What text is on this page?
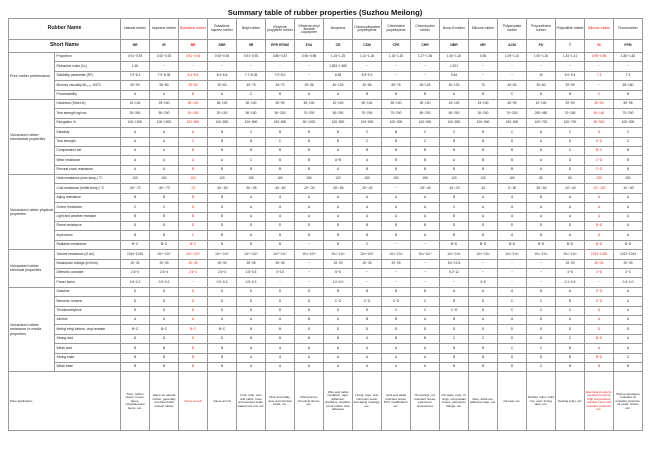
Summary table of rubber properties (Suzhou Meilong)
Rubber Name		Natural rubber	Isoprene rubber	Butadiene rubber	Butadiene styrene rubber	Butyl rubber	Ethylene propylene rubber	Ethylene-vinyl acetate copolymer	Neoprene	Chlorosulfonated polyethylene	Chlorinated polyethylene	Chlorohydrin rubber	Buna-N rubber	Silicone rubber	Polyacrylate rubber	Polyurethane rubber	Polysulfide rubber	Silicone rubber	Fluororubber
Short Name		NR	IR	BR	SBR	IIR	EPR EPDM	EVA	CR	CSM	CPE	CHR	NBR	MR	ACM	PU	T	SI	FPM
Pure rubber performance	Proportion	0.91~0.93	0.92~0.93	0.91~0.94	0.93~0.94	0.91~0.93	0.86~0.87	0.96~0.98	1.15~1.25	1.11~1.18	1.15~1.20	1.27~1.36	1.00~1.20	0.96	1.09~1.10	1.00~1.30	1.34~1.41	0.95~0.98	1.80~1.82
	Refractive index (N₂)	1.50	~	~	~	~	~	~	1.553~1.560	~	~	~	1.521	~	~	~	~	~	~
	Solubility parameter (δP)	7.9~8.1	7.9~8.35	8.4~8.6	8.4~8.6	7.7~8.35	7.9~8.0	~	8.55	8.9~9.3	~	~	9.64	~	~	10	9.0~9.4	7.3	7.3
	Mooney viscosity ML₁₊₄ 100°C	60~90	55~80	30~50	30~60	40~75	45~70	29~36	40~125	30~85	69~76	35~125	30~130	70	40~60	25~60	29~99	~	65~180
	Processability	A	A	B	A	C	B	A	A	B	B	B	A	B	C	D	B	C	B
Vulcanized rubber mechanical properties	Hardness (Shore A)	10~100	25~100	30~100	35~100	30~100	30~90	50~100	10~100	50~100	50~100	30~100	15~100	15~100	40~90	10~100	20~90	30~90	50~95
	Tear strength kg/cm²	30~300	50~200	20~200	20~100	50~150	50~200	70~200	50~200	70~200	70~200	50~200	50~200	20~200	70~200	200~450	70~180	40~160	70~200
	Elongation %	100~1000	100~1000	100~800	100~800	100~800	100~800	50~1000	100~800	100~500	100~500	100~500	100~800	100~500	100~500	100~700	100~700	50~500	100~500
	Elasticity	A	A	A	B	C	B	B	B	C	B	C	C	B	C	A	C	D	C
	Tear strength	A	A	C	B	B	C	B	B	C	B	C	B	B	D	A	D	C~D	C
	Compression set	A	A	B	B	B	B	B	A	B	B	B	B	B	B	D	C	B~C	B
	Wear resistance	A	A	A	A	C	B	B	A~B	A	B	B	A	B	B	A	D	C~D	B
	Flexural crack resistance	A	A	B	B	B	B	B	A	B	B	B	B	B	B	A	D	C~D	B
Vulcanized rubber physical properties	Heat resistance (max temp.) °C	100	100	100	120	150	150	150	120	150	150	150	120	120	150	80	80	250	250
	Cold resistance (brittle temp.) °C	-50~-70	-50~-70	-70	-30~-60	-30~-55	-40~-60	-20~-30	-35~-55	-20~-60	~	-25~-40	-10~-20	-10	0~-30	-30~-60	-10~-40	-70~-120	-10~-50
	Aging resistance	B	B	B	B	A	A	A	A	A	A	A	B	A	A	B	A	A	A
	Ozone resistance	C	C	D	D	A	A	A	A	A	A	A	C	A	A	A	A	A	A
	Light and weather resistant	B	B	B	B	A	A	A	A	A	A	A	B	A	A	A	A	A	A
	Flame resistance	D	D	D	D	D	D	D	B	B	B	B	D	D	D	D	D	B~D	A
	Impervious	B	B	C	B	A	B	B	B	B	B	A	B	B	A	B	A	D	A
	Radiation resistance	B~C	B~C	B~C	B	D	B	~	B	C	~	~	B~D	B~D	B~D	B~D	B~D	B~D	B~D
Vulcanized rubber electrical properties	Volume resistance (Ω cm)	1014~1015	10¹⁶~10¹⁷	10¹⁴~10¹⁵	10¹⁴~10¹⁵	10¹⁴~10¹⁵	10¹⁵~10¹⁷	10¹³~10¹⁵	10¹¹~10¹³	10¹³~10¹⁵	10¹¹~10¹³	10¹²~10¹⁴	10¹⁰~10¹¹	10¹⁰~10¹¹	10¹¹~10¹²	10¹¹~10¹²	10¹¹~10¹³	1013~1016	1012~1013
	Breakdown voltage (kV/mm)	20~30	20~30	20~30	20~30	25~35	35~45	~	15~20	20~25	20~25	~	5.0~12.5	~	~	~	15~20	20~30	20~30
	Dielectric constant	2.6~4	2.6~4	2.6~4	2.6~4	2.5~3.5	3~3.5	~	6~8	~	~	~	5.0~12	~	~	~	4~8	3~8	2~3
	Power factor	0.5~0.2	0.5~0.2	~	0.5~0.3	0.5~0.3	~	~	1.0~6.0	~	~	~	~	3~5	~	~	0.1~0.5	~	0.3~4.0
Vulcanized rubber resistance to media properties	Gasoline	D	D	D	D	D	D	D	B	B	B	B	A	A	A	B	A	C~D	A
	Benzene, toluene	D	D	D	D	D	D	D	C~D	C~D	C~D	C	B	D	C	C	B	C~D	A
	Trichloroethylene	D	D	D	D	D	D	D	D	D	C	C	C~D	D	C	C	C	D	A
	Alcohol	A	A	A	A	A	A	B	A	B	B	A	B	A	A	D	A	A	A
	Methyl ethyl ketone, vinyl acetate	B~C	B~C	B~C	B~C	B	B	D	D	D	D	D	D	D	D	D	D	D	D
	Strong acid	D	D	D	D	B	B	B	B	A	B	B	C	C	D	D	C	B~D	A
	Weak acid	B	B	B	B	A	A	A	A	A	A	A	B	B	C	C	B	A	A
	Strong base	B	B	B	B	A	A	A	A	A	A	A	B	B	D	D	B	B~D	C
	Weak base	B	B	B	B	A	A	A	A	A	A	A	B	B	D	C	B	B	B
Main application		Tires, rubber shoes, hoses, tapes, miscellaneous items, etc.	Same as natural rubber, generally combined with natural rubber	Same as left	Same as left	Inner tube, wire and cable, hose and window seals, waterproof coil, etc.	Wire and cable, door and window seals, etc.	Microporous chemical shoes, etc.	Wire and cable insulation, tape, adhesive, suppliers, weather-proof rubber strip adhesive	Lining, tape, anti-corrosion seals, anti-aging coatings, etc.	Acid and alkali resistant hoses, PVC modification, etc.	Oil storage, oil-resistant hoses, petroleum accessories	Oil seals, rope, O-rings, oil-resistant hoses, petroleum fittings, etc.	Glue, adhesive, adhesive tape, etc.	Oil seal, etc.	Rubber roller, solid tire, seal, timing tape, etc.	Sealing putty, etc.	Electrical products, medical products, high temperature resistant and cold resistant products, etc.	High temperature resistant oil resistant products, oil seals, hoses, etc.
